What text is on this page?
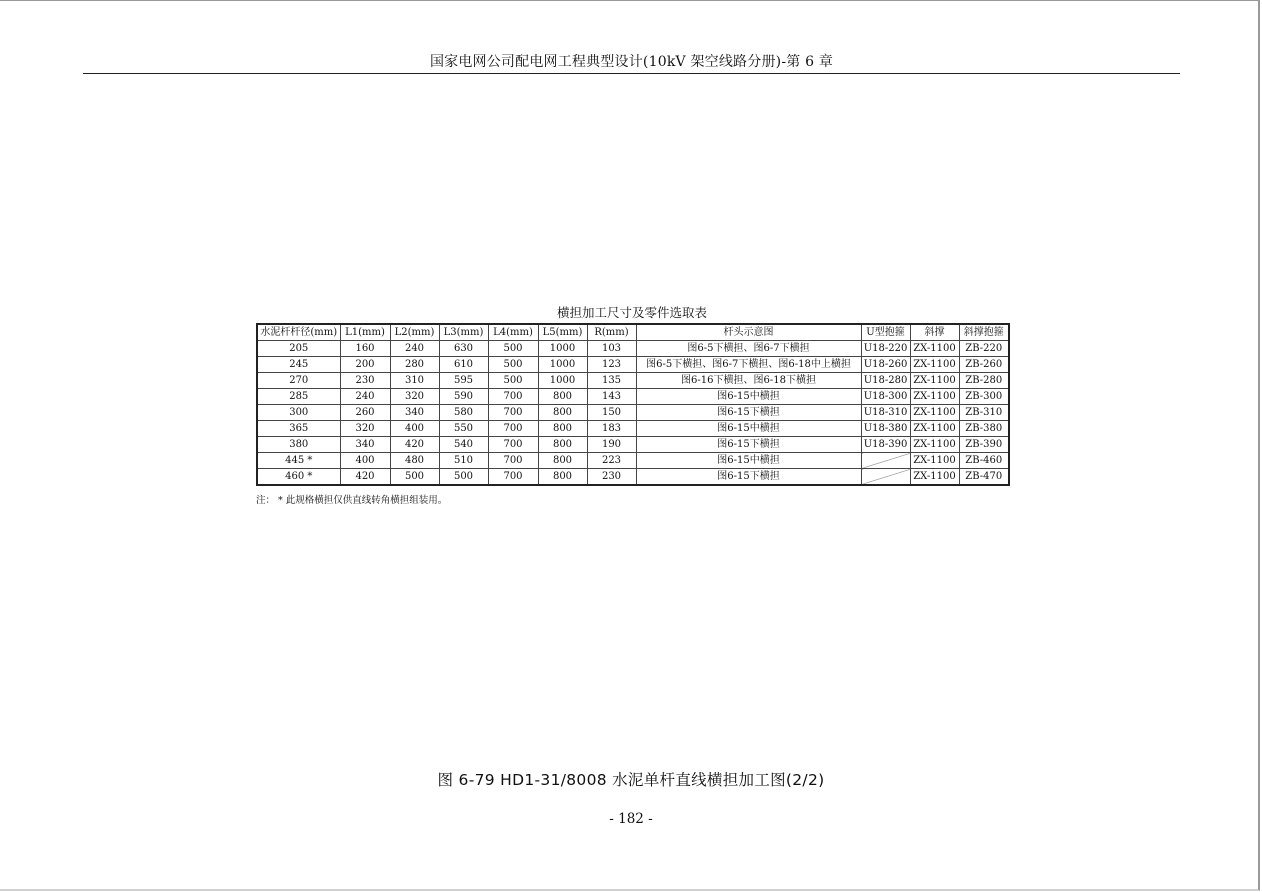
国家电网公司配电网工程典型设计(10kV 架空线路分册)-第 6 章
横担加工尺寸及零件选取表
水泥杆杆径(mm)	L1(mm)	L2(mm)	L3(mm)	L4(mm)	L5(mm)	R(mm)	杆头示意图	U型抱箍	斜撑	斜撑抱箍
205	160	240	630	500	1000	103	图6-5下横担、图6-7下横担	U18-220	ZX-1100	ZB-220
245	200	280	610	500	1000	123	图6-5下横担、图6-7下横担、图6-18中上横担	U18-260	ZX-1100	ZB-260
270	230	310	595	500	1000	135	图6-16下横担、图6-18下横担	U18-280	ZX-1100	ZB-280
285	240	320	590	700	800	143	图6-15中横担	U18-300	ZX-1100	ZB-300
300	260	340	580	700	800	150	图6-15下横担	U18-310	ZX-1100	ZB-310
365	320	400	550	700	800	183	图6-15中横担	U18-380	ZX-1100	ZB-380
380	340	420	540	700	800	190	图6-15下横担	U18-390	ZX-1100	ZB-390
445 *	400	480	510	700	800	223	图6-15中横担		ZX-1100	ZB-460
460 *	420	500	500	700	800	230	图6-15下横担		ZX-1100	ZB-470
注： * 此规格横担仅供直线转角横担组装用。
图 6-79 HD1-31/8008 水泥单杆直线横担加工图(2/2)
- 182 -
